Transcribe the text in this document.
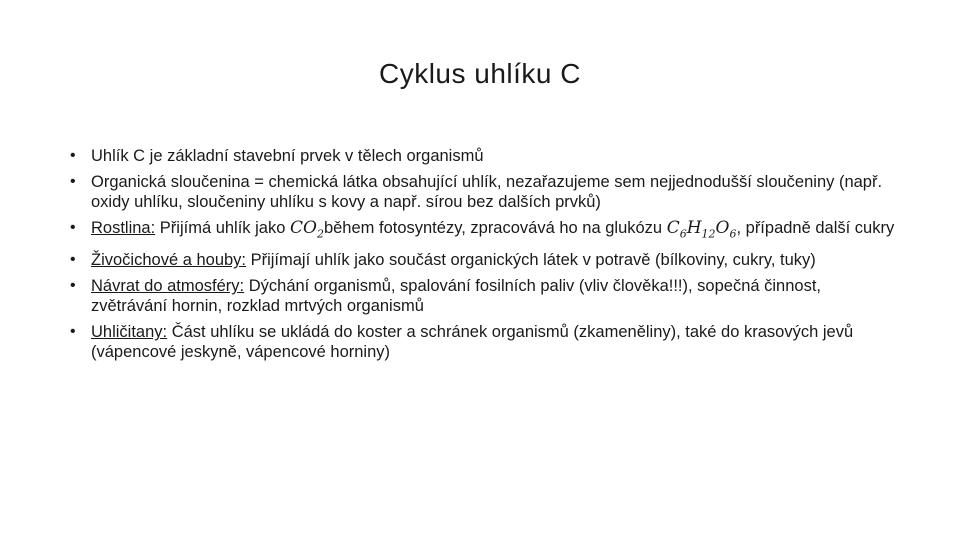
Cyklus uhlíku C
• Uhlík C je základní stavební prvek v tělech organismů
• Organická sloučenina = chemická látka obsahující uhlík, nezařazujeme sem nejjednodušší sloučeniny (např. oxidy uhlíku, sloučeniny uhlíku s kovy a např. sírou bez dalších prvků)
• Rostlina: Přijímá uhlík jako $CO_2během$ fotosyntézy, zpracovává ho na glukózu $C_6H_{12}O_6$, případně další cukry
• Živočichové a houby: Přijímají uhlík jako součást organických látek v potravě (bílkoviny, cukry, tuky)
• Návrat do atmosféry: Dýchání organismů, spalování fosilních paliv (vliv člověka!!!), sopečná činnost, zvětrávání hornin, rozklad mrtvých organismů
• Uhličitany: Část uhlíku se ukládá do koster a schránek organismů (zkameněliny), také do krasových jevů (vápencové jeskyně, vápencové horniny)
